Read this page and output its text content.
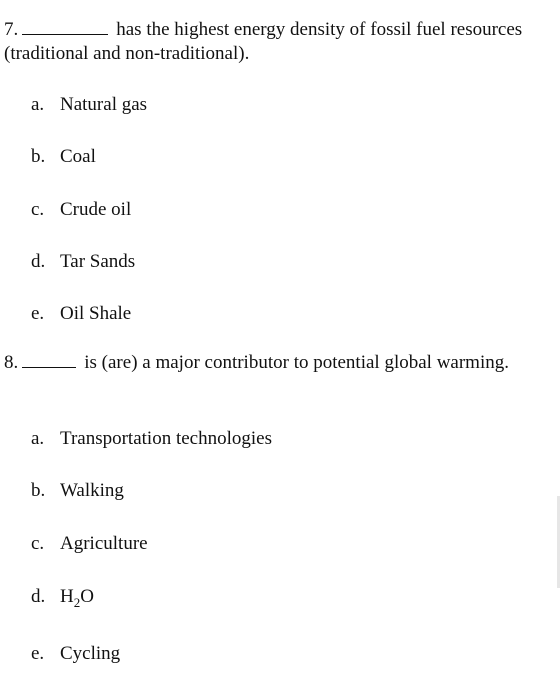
7.	has the highest energy density of fossil fuel resources (traditional and non-traditional).
a. Natural gas
b. Coal
c. Crude oil
d. Tar Sands
e. Oil Shale
8.	is (are) a major contributor to potential global warming.
a. Transportation technologies
b. Walking
c. Agriculture
d. $H_2O$
e. Cycling
